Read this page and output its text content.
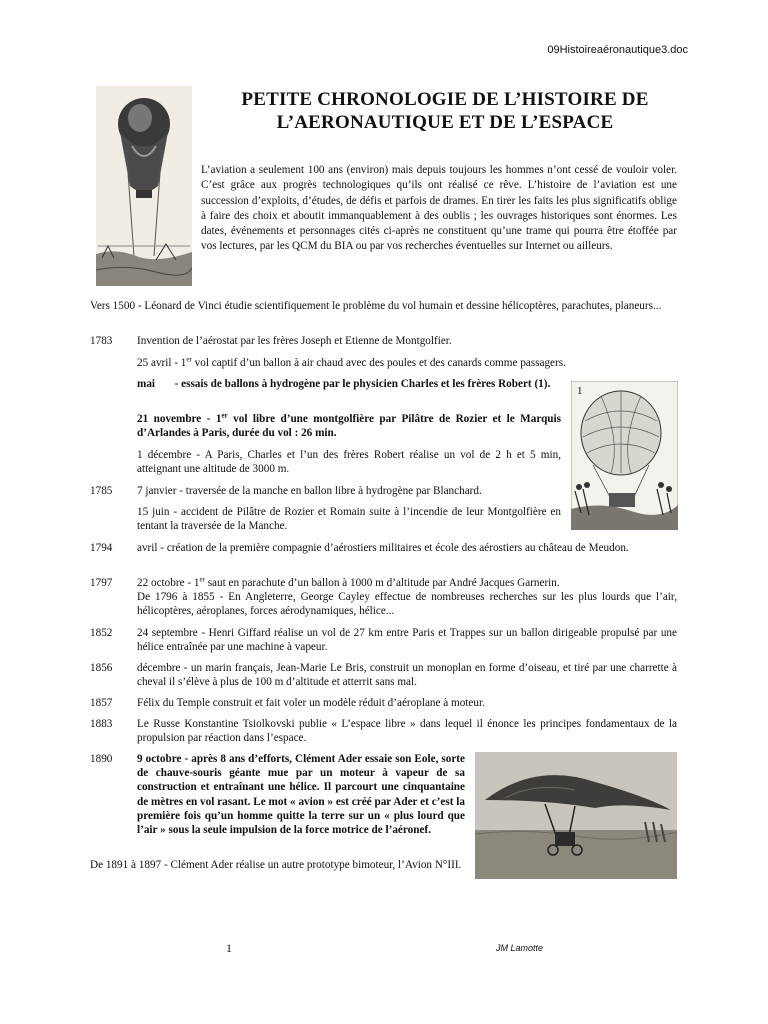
09Histoireaéronautique3.doc
PETITE CHRONOLOGIE DE L’HISTOIRE DE
L’AERONAUTIQUE ET DE L’ESPACE
L’aviation a seulement 100 ans (environ) mais depuis toujours les hommes n’ont cessé de vouloir voler. C’est grâce aux progrès technologiques qu’ils ont réalisé ce rêve. L’histoire de l’aviation est une succession d’exploits, d’études, de défis et parfois de drames. En tirer les faits les plus significatifs oblige à faire des choix et aboutit immanquablement à des oublis ; les ouvrages historiques sont énormes. Les dates, événements et personnages cités ci-après ne constituent qu’une trame qui pourra être étoffée par vos lectures, par les QCM du BIA ou par vos recherches éventuelles sur Internet ou ailleurs.
Vers 1500 - Léonard de Vinci étudie scientifiquement le problème du vol humain et dessine hélicoptères, parachutes, planeurs...
1783 Invention de l’aérostat par les frères Joseph et Etienne de Montgolfier.
25 avril - 1er vol captif d’un ballon à air chaud avec des poules et des canards comme passagers.
mai       - essais de ballons à hydrogène par le physicien Charles et les frères Robert (1).
21 novembre - 1er vol libre d’une montgolfière par Pilâtre de Rozier et le Marquis d’Arlandes à Paris, durée du vol : 26 min.
1 décembre - A Paris, Charles et l’un des frères Robert réalise un vol de 2 h et 5 min, atteignant une altitude de 3000 m.
1
1785 7 janvier - traversée de la manche en ballon libre à hydrogène par Blanchard.
15 juin - accident de Pilâtre de Rozier et Romain suite à l’incendie de leur Montgolfière en tentant la traversée de la Manche.
1794 avril - création de la première compagnie d’aérostiers militaires et école des aérostiers au château de Meudon.
1797 22 octobre - 1er saut en parachute d’un ballon à 1000 m d’altitude par André Jacques Garnerin.
De 1796 à 1855 - En Angleterre, George Cayley effectue de nombreuses recherches sur les plus lourds que l’air, hélicoptères, aéroplanes, forces aérodynamiques, hélice...
1852 24 septembre - Henri Giffard réalise un vol de 27 km entre Paris et Trappes sur un ballon dirigeable propulsé par une hélice entraînée par une machine à vapeur.
1856 décembre - un marin français, Jean-Marie Le Bris, construit un monoplan en forme d’oiseau, et tiré par une charrette à cheval il s’élève à plus de 100 m d’altitude et atterrit sans mal.
1857 Félix du Temple construit et fait voler un modèle réduit d’aéroplane à moteur.
1883 Le Russe Konstantine Tsiolkovski publie « L’espace libre » dans lequel il énonce les principes fondamentaux de la propulsion par réaction dans l’espace.
1890 9 octobre - après 8 ans d’efforts, Clément Ader essaie son Eole, sorte de chauve-souris géante mue par un moteur à vapeur de sa construction et entraînant une hélice. Il parcourt une cinquantaine de mètres en vol rasant. Le mot « avion » est créé par Ader et c’est la première fois qu’un homme quitte la terre sur un « plus lourd que l’air » sous la seule impulsion de la force motrice de l’aéronef.
De 1891 à 1897 - Clément Ader réalise un autre prototype bimoteur, l’Avion N°III.
1	JM Lamotte
